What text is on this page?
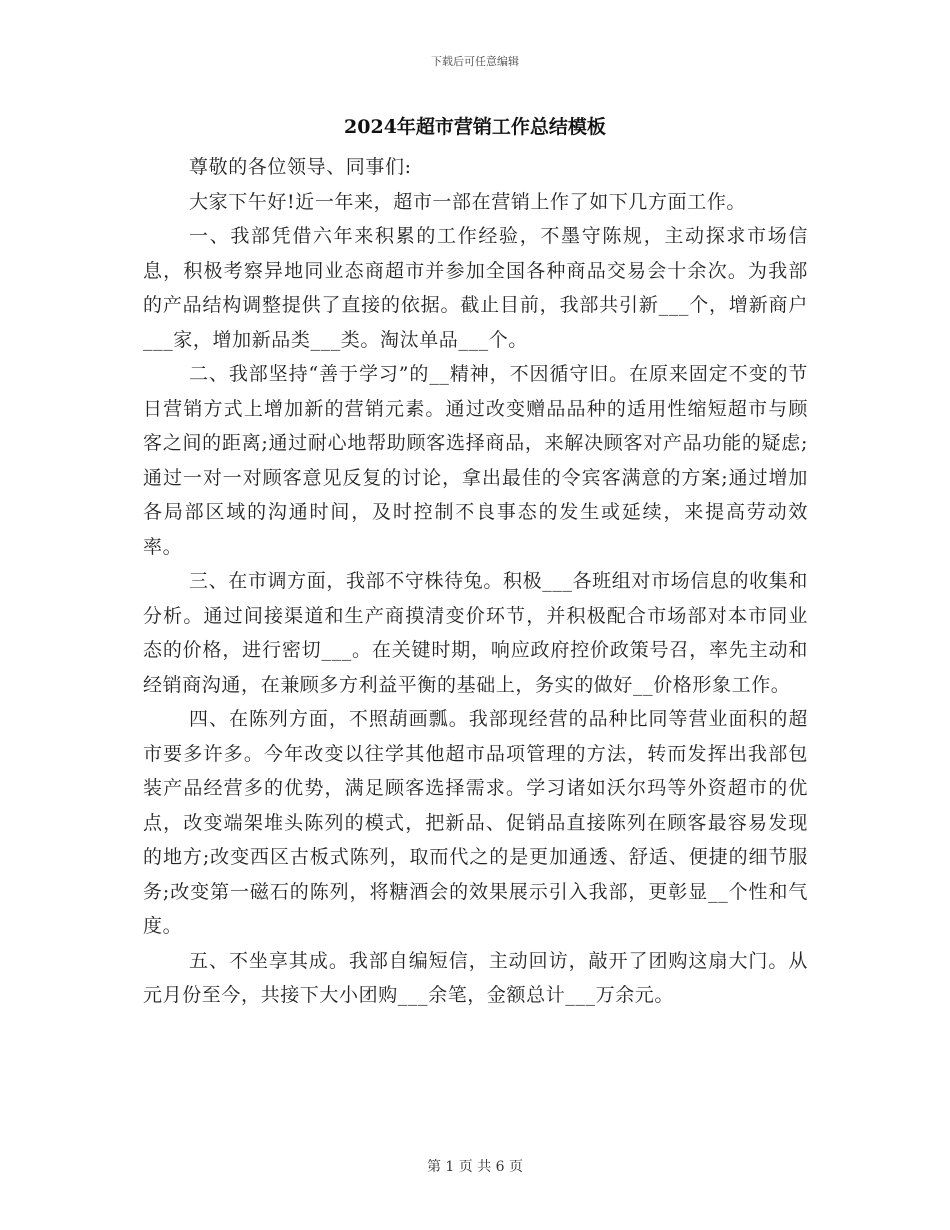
下载后可任意编辑
2024年超市营销工作总结模板

尊敬的各位领导、同事们:

大家下午好!近一年来，超市一部在营销上作了如下几方面工作。

一、我部凭借六年来积累的工作经验，不墨守陈规，主动探求市场信息，积极考察异地同业态商超市并参加全国各种商品交易会十余次。为我部的产品结构调整提供了直接的依据。截止目前，我部共引新___个，增新商户___家，增加新品类___类。淘汰单品___个。

二、我部坚持“善于学习”的__精神，不因循守旧。在原来固定不变的节日营销方式上增加新的营销元素。通过改变赠品品种的适用性缩短超市与顾客之间的距离;通过耐心地帮助顾客选择商品，来解决顾客对产品功能的疑虑;通过一对一对顾客意见反复的讨论，拿出最佳的令宾客满意的方案;通过增加各局部区域的沟通时间，及时控制不良事态的发生或延续，来提高劳动效率。

三、在市调方面，我部不守株待兔。积极___各班组对市场信息的收集和分析。通过间接渠道和生产商摸清变价环节，并积极配合市场部对本市同业态的价格，进行密切___。在关键时期，响应政府控价政策号召，率先主动和经销商沟通，在兼顾多方利益平衡的基础上，务实的做好__价格形象工作。

四、在陈列方面，不照葫画瓢。我部现经营的品种比同等营业面积的超市要多许多。今年改变以往学其他超市品项管理的方法，转而发挥出我部包装产品经营多的优势，满足顾客选择需求。学习诸如沃尔玛等外资超市的优点，改变端架堆头陈列的模式，把新品、促销品直接陈列在顾客最容易发现的地方;改变西区古板式陈列，取而代之的是更加通透、舒适、便捷的细节服务;改变第一磁石的陈列，将糖酒会的效果展示引入我部，更彰显__个性和气度。

五、不坐享其成。我部自编短信，主动回访，敲开了团购这扇大门。从元月份至今，共接下大小团购___余笔，金额总计___万余元。

第 1 页 共 6 页
